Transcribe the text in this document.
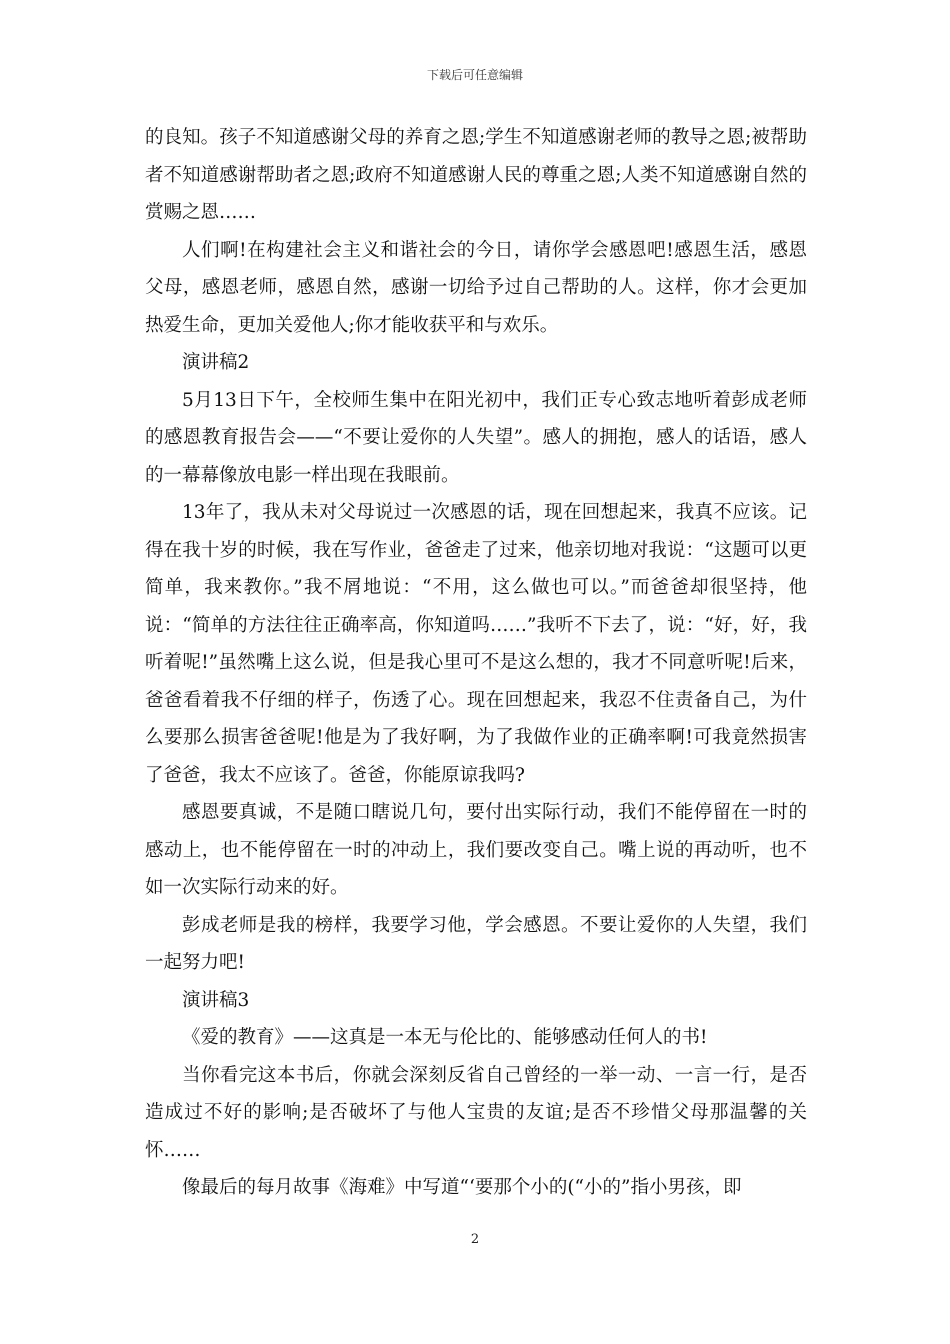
下载后可任意编辑

的良知。孩子不知道感谢父母的养育之恩;学生不知道感谢老师的教导之恩;被帮助者不知道感谢帮助者之恩;政府不知道感谢人民的尊重之恩;人类不知道感谢自然的赏赐之恩……

人们啊!在构建社会主义和谐社会的今日，请你学会感恩吧!感恩生活，感恩父母，感恩老师，感恩自然，感谢一切给予过自己帮助的人。这样，你才会更加热爱生命，更加关爱他人;你才能收获平和与欢乐。

演讲稿2

5月13日下午，全校师生集中在阳光初中，我们正专心致志地听着彭成老师的感恩教育报告会——“不要让爱你的人失望”。感人的拥抱，感人的话语，感人的一幕幕像放电影一样出现在我眼前。

13年了，我从未对父母说过一次感恩的话，现在回想起来，我真不应该。记得在我十岁的时候，我在写作业，爸爸走了过来，他亲切地对我说：“这题可以更简单，我来教你。”我不屑地说：“不用，这么做也可以。”而爸爸却很坚持，他说：“简单的方法往往正确率高，你知道吗……”我听不下去了，说：“好，好，我听着呢!”虽然嘴上这么说，但是我心里可不是这么想的，我才不同意听呢!后来，爸爸看着我不仔细的样子，伤透了心。现在回想起来，我忍不住责备自己，为什么要那么损害爸爸呢!他是为了我好啊，为了我做作业的正确率啊!可我竟然损害了爸爸，我太不应该了。爸爸，你能原谅我吗?

感恩要真诚，不是随口瞎说几句，要付出实际行动，我们不能停留在一时的感动上，也不能停留在一时的冲动上，我们要改变自己。嘴上说的再动听，也不如一次实际行动来的好。

彭成老师是我的榜样，我要学习他，学会感恩。不要让爱你的人失望，我们一起努力吧!

演讲稿3

《爱的教育》——这真是一本无与伦比的、能够感动任何人的书!

当你看完这本书后，你就会深刻反省自己曾经的一举一动、一言一行，是否造成过不好的影响;是否破坏了与他人宝贵的友谊;是否不珍惜父母那温馨的关怀……

像最后的每月故事《海难》中写道“‘要那个小的(“小的”指小男孩，即

2
